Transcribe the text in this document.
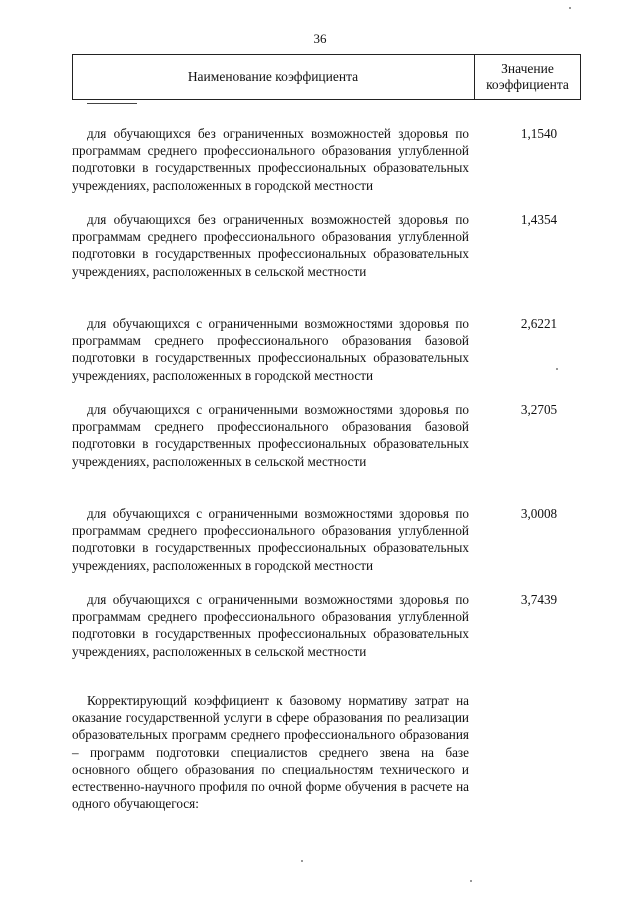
36
Наименование коэффициента
Значение
коэффициента
для обучающихся без ограниченных возможностей здоровья по программам среднего профессионального образования углубленной подготовки в государственных профессиональных образовательных учреждениях, расположенных в городской местности
1,1540
для обучающихся без ограниченных возможностей здоровья по программам среднего профессионального образования углубленной подготовки в государственных профессиональных образовательных учреждениях, расположенных в сельской местности
1,4354
для обучающихся с ограниченными возможностями здоровья по программам среднего профессионального образования базовой подготовки в государственных профессиональных образовательных учреждениях, расположенных в городской местности
2,6221
для обучающихся с ограниченными возможностями здоровья по программам среднего профессионального образования базовой подготовки в государственных профессиональных образовательных учреждениях, расположенных в сельской местности
3,2705
для обучающихся с ограниченными возможностями здоровья по программам среднего профессионального образования углубленной подготовки в государственных профессиональных образовательных учреждениях, расположенных в городской местности
3,0008
для обучающихся с ограниченными возможностями здоровья по программам среднего профессионального образования углубленной подготовки в государственных профессиональных образовательных учреждениях, расположенных в сельской местности
3,7439
Корректирующий коэффициент к базовому нормативу затрат на оказание государственной услуги в сфере образования по реализации образовательных программ среднего профессионального образования – программ подготовки специалистов среднего звена на базе основного общего образования по специальностям технического и естественно-научного профиля по очной форме обучения в расчете на одного обучающегося:
